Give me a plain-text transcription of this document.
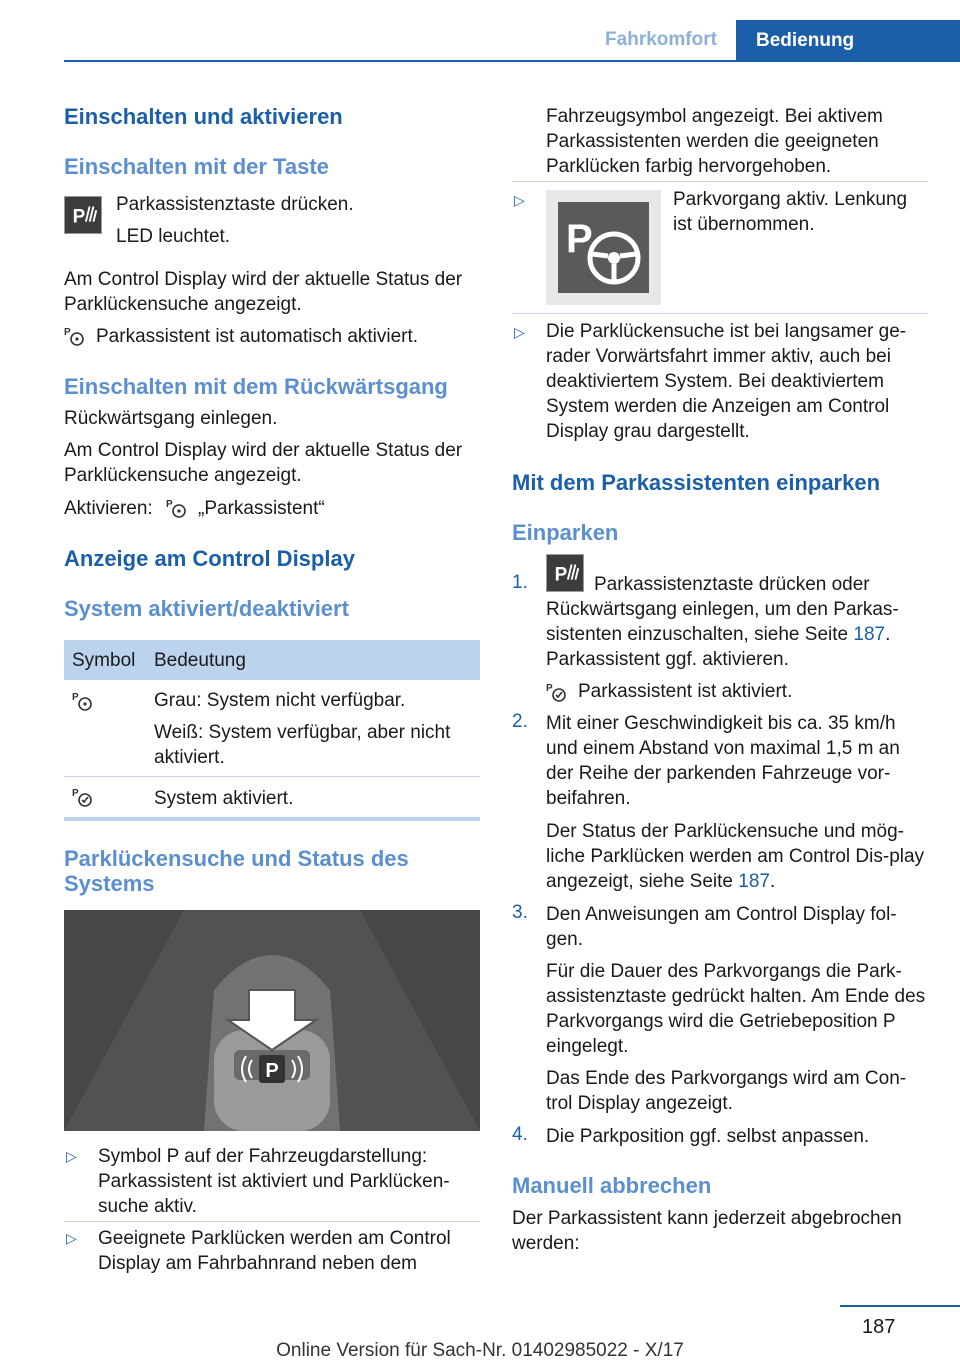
Fahrkomfort	Bedienung
Einschalten und aktivieren
Einschalten mit der Taste
P
Parkassistenztaste drücken.
LED leuchtet.
Am Control Display wird der aktuelle Status der Parklückensuche angezeigt.
P Parkassistent ist automatisch aktiviert.
Einschalten mit dem Rückwärtsgang
Rückwärtsgang einlegen.
Am Control Display wird der aktuelle Status der Parklückensuche angezeigt.
Aktivieren: P „Parkassistent“
Anzeige am Control Display
System aktiviert/deaktiviert
Symbol Bedeutung
P	Grau: System nicht verfügbar.
Weiß: System verfügbar, aber nicht aktiviert.
P	System aktiviert.
Parklückensuche und Status des Systems
P
▷ Symbol P auf der Fahrzeugdarstellung: Parkassistent ist aktiviert und Parklücken-suche aktiv.
▷ Geeignete Parklücken werden am Control Display am Fahrbahnrand neben dem
Fahrzeugsymbol angezeigt. Bei aktivem Parkassistenten werden die geeigneten Parklücken farbig hervorgehoben.
▷
P
Parkvorgang aktiv. Lenkung ist übernommen.
▷ Die Parklückensuche ist bei langsamer ge-rader Vorwärtsfahrt immer aktiv, auch bei deaktiviertem System. Bei deaktiviertem System werden die Anzeigen am Control Display grau dargestellt.
Mit dem Parkassistenten einparken
Einparken
1. P	Parkassistenztaste drücken oder Rückwärtsgang einlegen, um den Parkas-sistenten einzuschalten, siehe Seite 187. Parkassistent ggf. aktivieren.
P Parkassistent ist aktiviert.
2. Mit einer Geschwindigkeit bis ca. 35 km/h und einem Abstand von maximal 1,5 m an der Reihe der parkenden Fahrzeuge vor-beifahren.
Der Status der Parklückensuche und mög-liche Parklücken werden am Control Dis-play angezeigt, siehe Seite 187.
3. Den Anweisungen am Control Display fol-gen.
Für die Dauer des Parkvorgangs die Park-assistenztaste gedrückt halten. Am Ende des Parkvorgangs wird die Getriebeposition P eingelegt.
Das Ende des Parkvorgangs wird am Con-trol Display angezeigt.
4. Die Parkposition ggf. selbst anpassen.
Manuell abbrechen
Der Parkassistent kann jederzeit abgebrochen werden:
187
Online Version für Sach-Nr. 01402985022 - X/17
